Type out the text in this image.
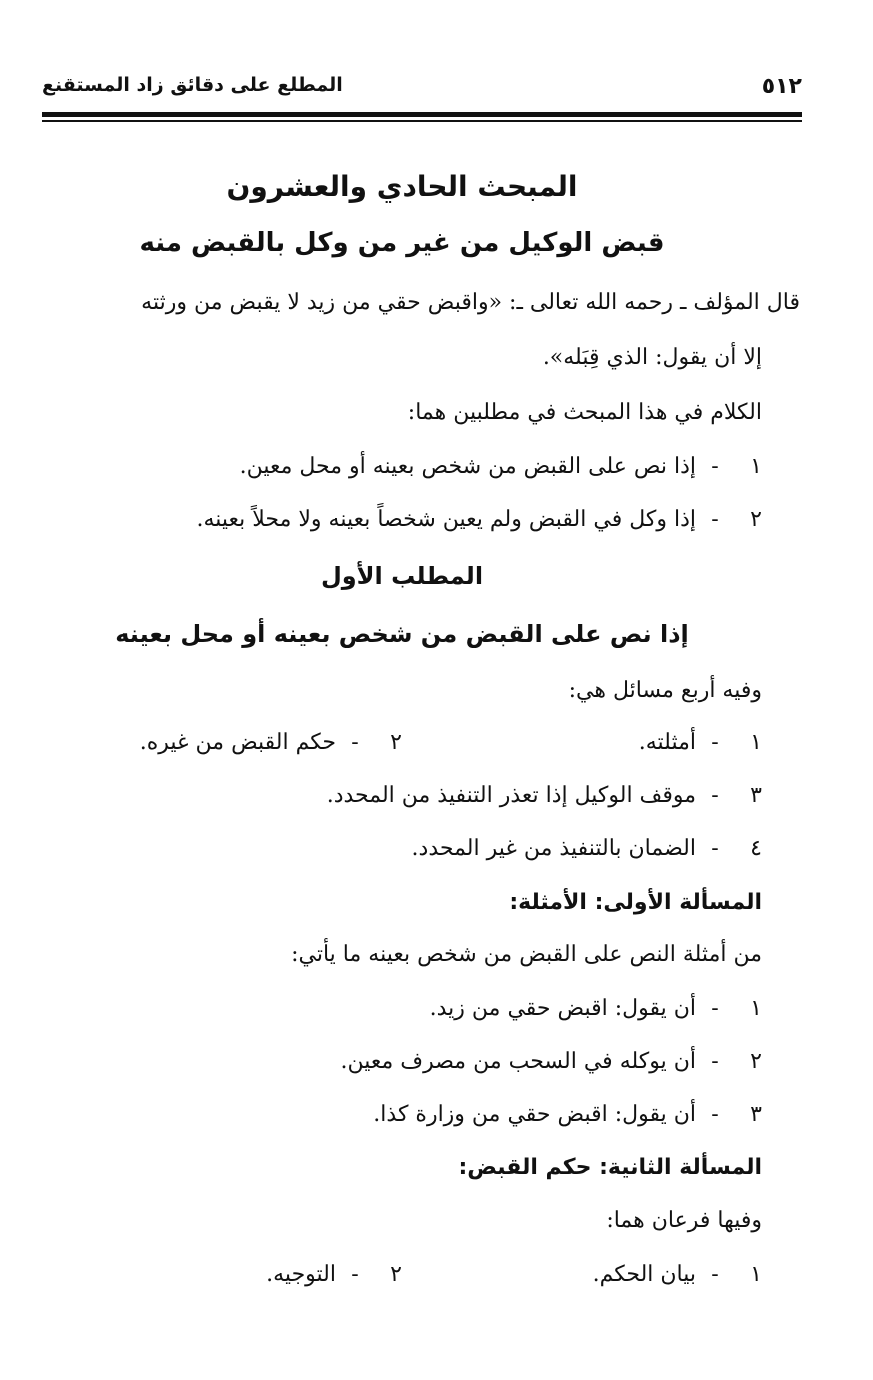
٥١٢
المطلع على دقائق زاد المستقنع
المبحث الحادي والعشرون
قبض الوكيل من غير من وكل بالقبض منه
قال المؤلف ـ رحمه الله تعالى ـ: «واقبض حقي من زيد لا يقبض من ورثته
إلا أن يقول: الذي قِبَله».
الكلام في هذا المبحث في مطلبين هما:
١ - إذا نص على القبض من شخص بعينه أو محل معين.
٢ - إذا وكل في القبض ولم يعين شخصاً بعينه ولا محلاً بعينه.
المطلب الأول
إذا نص على القبض من شخص بعينه أو محل بعينه
وفيه أربع مسائل هي:
١ - أمثلته.
٢ - حكم القبض من غيره.
٣ - موقف الوكيل إذا تعذر التنفيذ من المحدد.
٤ - الضمان بالتنفيذ من غير المحدد.
المسألة الأولى: الأمثلة:
من أمثلة النص على القبض من شخص بعينه ما يأتي:
١ - أن يقول: اقبض حقي من زيد.
٢ - أن يوكله في السحب من مصرف معين.
٣ - أن يقول: اقبض حقي من وزارة كذا.
المسألة الثانية: حكم القبض:
وفيها فرعان هما:
١ - بيان الحكم.
٢ - التوجيه.
